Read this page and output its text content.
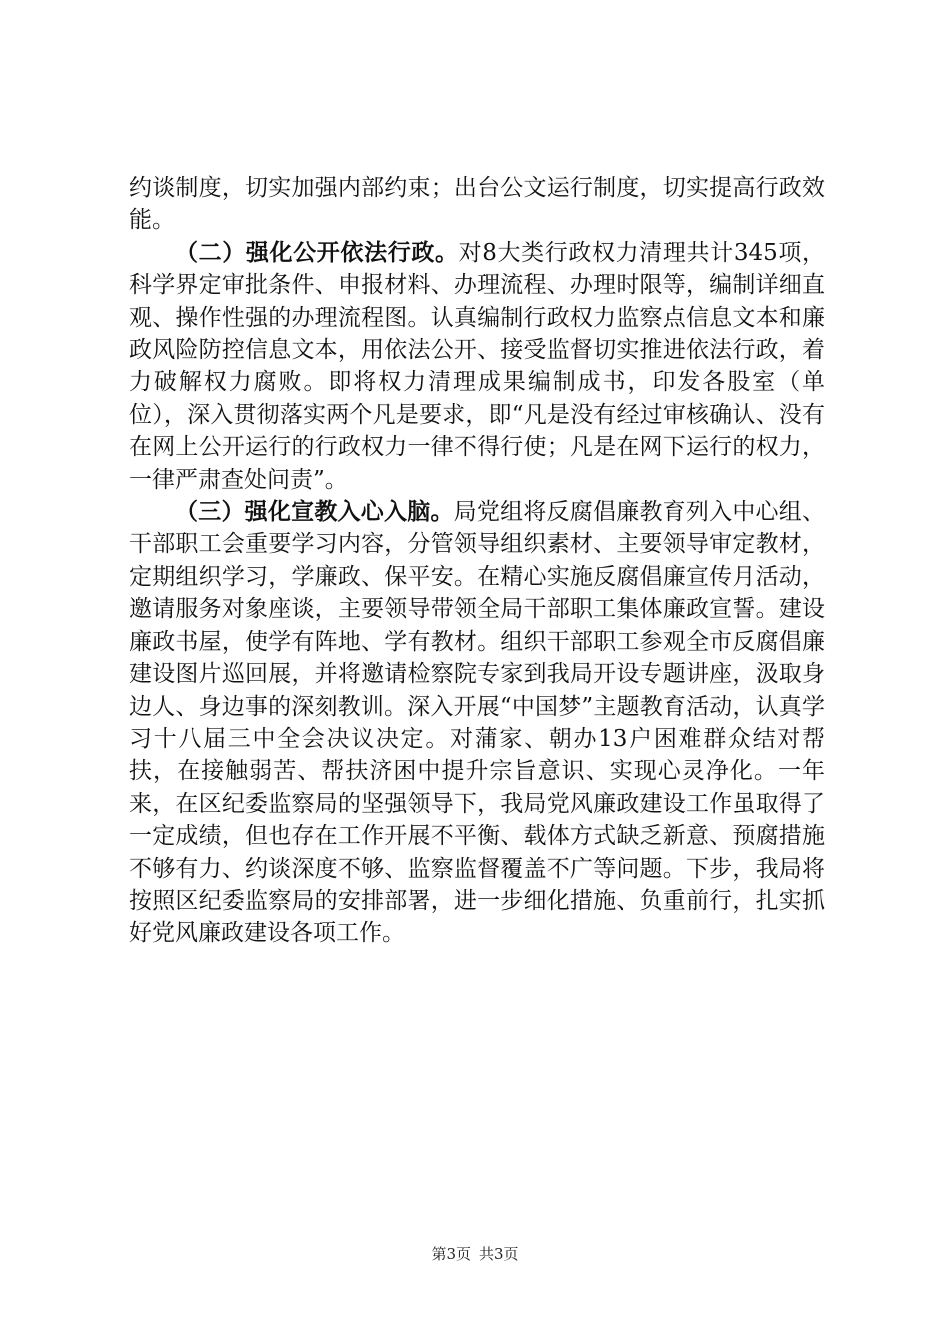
约谈制度，切实加强内部约束；出台公文运行制度，切实提高行政效能。

（二）强化公开依法行政。对8大类行政权力清理共计345项，科学界定审批条件、申报材料、办理流程、办理时限等，编制详细直观、操作性强的办理流程图。认真编制行政权力监察点信息文本和廉政风险防控信息文本，用依法公开、接受监督切实推进依法行政，着力破解权力腐败。即将权力清理成果编制成书，印发各股室（单位），深入贯彻落实两个凡是要求，即“凡是没有经过审核确认、没有在网上公开运行的行政权力一律不得行使；凡是在网下运行的权力，一律严肃查处问责”。

（三）强化宣教入心入脑。局党组将反腐倡廉教育列入中心组、干部职工会重要学习内容，分管领导组织素材、主要领导审定教材，定期组织学习，学廉政、保平安。在精心实施反腐倡廉宣传月活动，邀请服务对象座谈，主要领导带领全局干部职工集体廉政宣誓。建设廉政书屋，使学有阵地、学有教材。组织干部职工参观全市反腐倡廉建设图片巡回展，并将邀请检察院专家到我局开设专题讲座，汲取身边人、身边事的深刻教训。深入开展“中国梦”主题教育活动，认真学习十八届三中全会决议决定。对蒲家、朝办13户困难群众结对帮扶，在接触弱苦、帮扶济困中提升宗旨意识、实现心灵净化。一年来，在区纪委监察局的坚强领导下，我局党风廉政建设工作虽取得了一定成绩，但也存在工作开展不平衡、载体方式缺乏新意、预腐措施不够有力、约谈深度不够、监察监督覆盖不广等问题。下步，我局将按照区纪委监察局的安排部署，进一步细化措施、负重前行，扎实抓好党风廉政建设各项工作。

第3页 共3页
